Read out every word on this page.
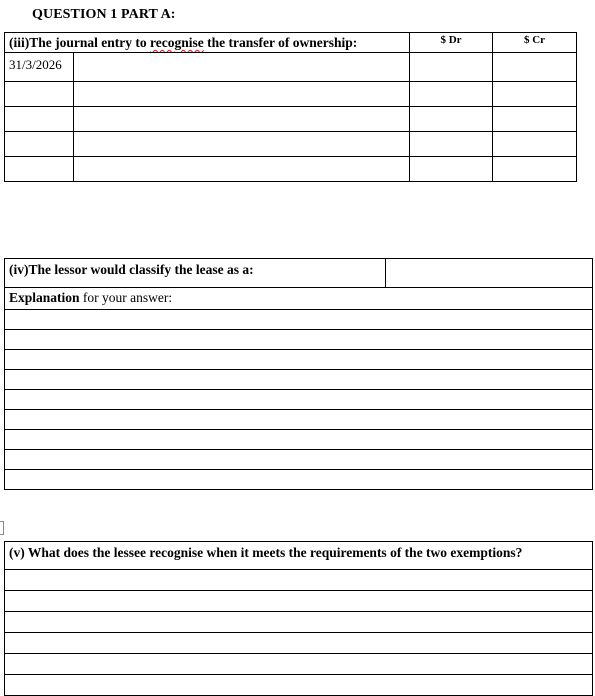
QUESTION 1 PART A:
(iii)The journal entry to recognise the transfer of ownership:		$ Dr	$ Cr
31/3/2026			

(iv)The lessor would classify the lease as a:	
Explanation for your answer:

(v) What does the lessee recognise when it meets the requirements of the two exemptions?
